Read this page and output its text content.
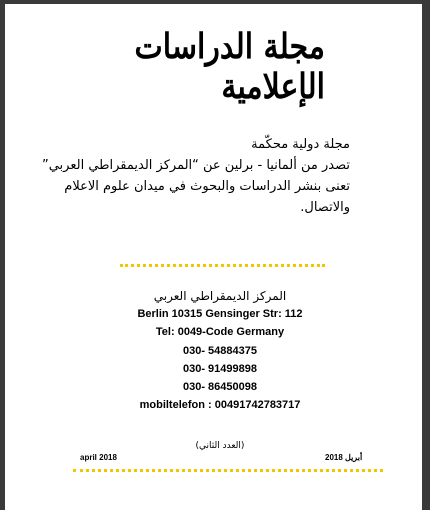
مجلة الدراسات الإعلامية
مجلة دولية محكّمة
تصدر من ألمانيا - برلين عن “المركز الديمقراطي العربي”
تعنى بنشر الدراسات والبحوث في ميدان علوم الاعلام
والاتصال.
المركز الديمقراطي العربي
Berlin 10315 Gensinger Str: 112
Tel: 0049-Code Germany
030- 54884375
030- 91499898
030- 86450098
mobiltelefon : 00491742783717
(العدد الثاني)
april 2018	أبريل 2018
